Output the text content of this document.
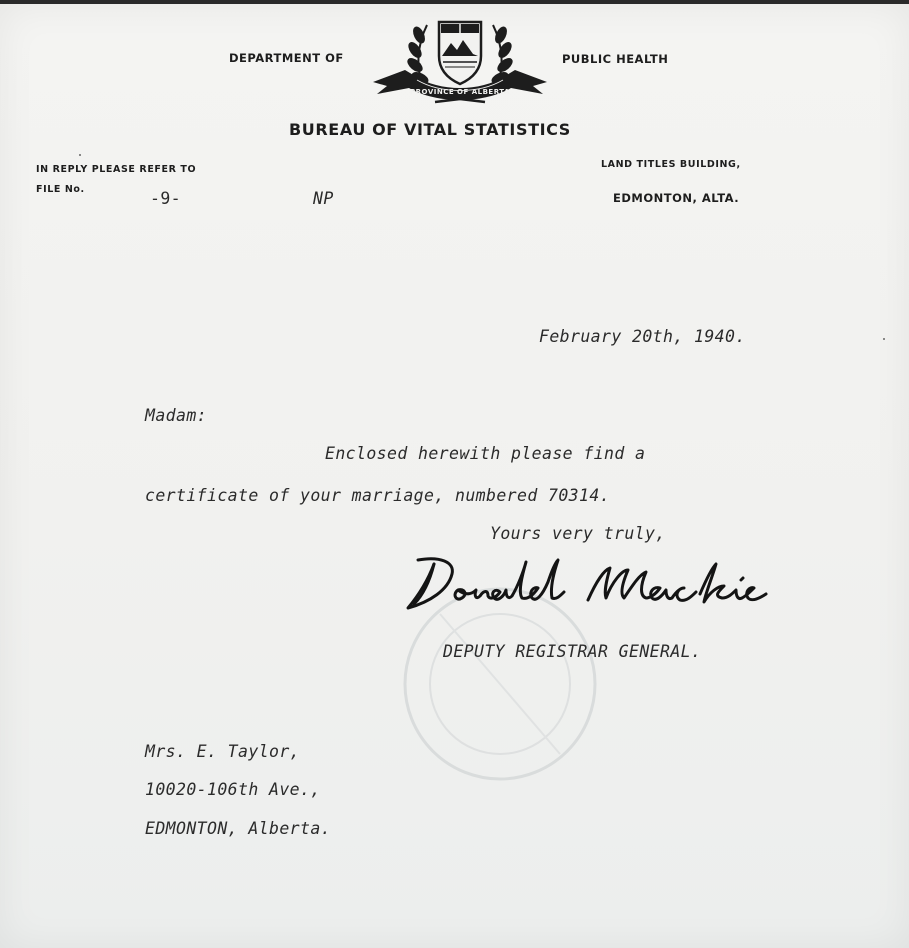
DEPARTMENT OF	PUBLIC HEALTH
PROVINCE OF ALBERTA
BUREAU OF VITAL STATISTICS
IN REPLY PLEASE REFER TO
FILE No.	-9-	NP
LAND TITLES BUILDING,
EDMONTON, ALTA.
February 20th, 1940.
Madam:
Enclosed herewith please find a
certificate of your marriage, numbered 70314.
Yours very truly,
DEPUTY REGISTRAR GENERAL.
Mrs. E. Taylor,
10020-106th Ave.,
EDMONTON, Alberta.
